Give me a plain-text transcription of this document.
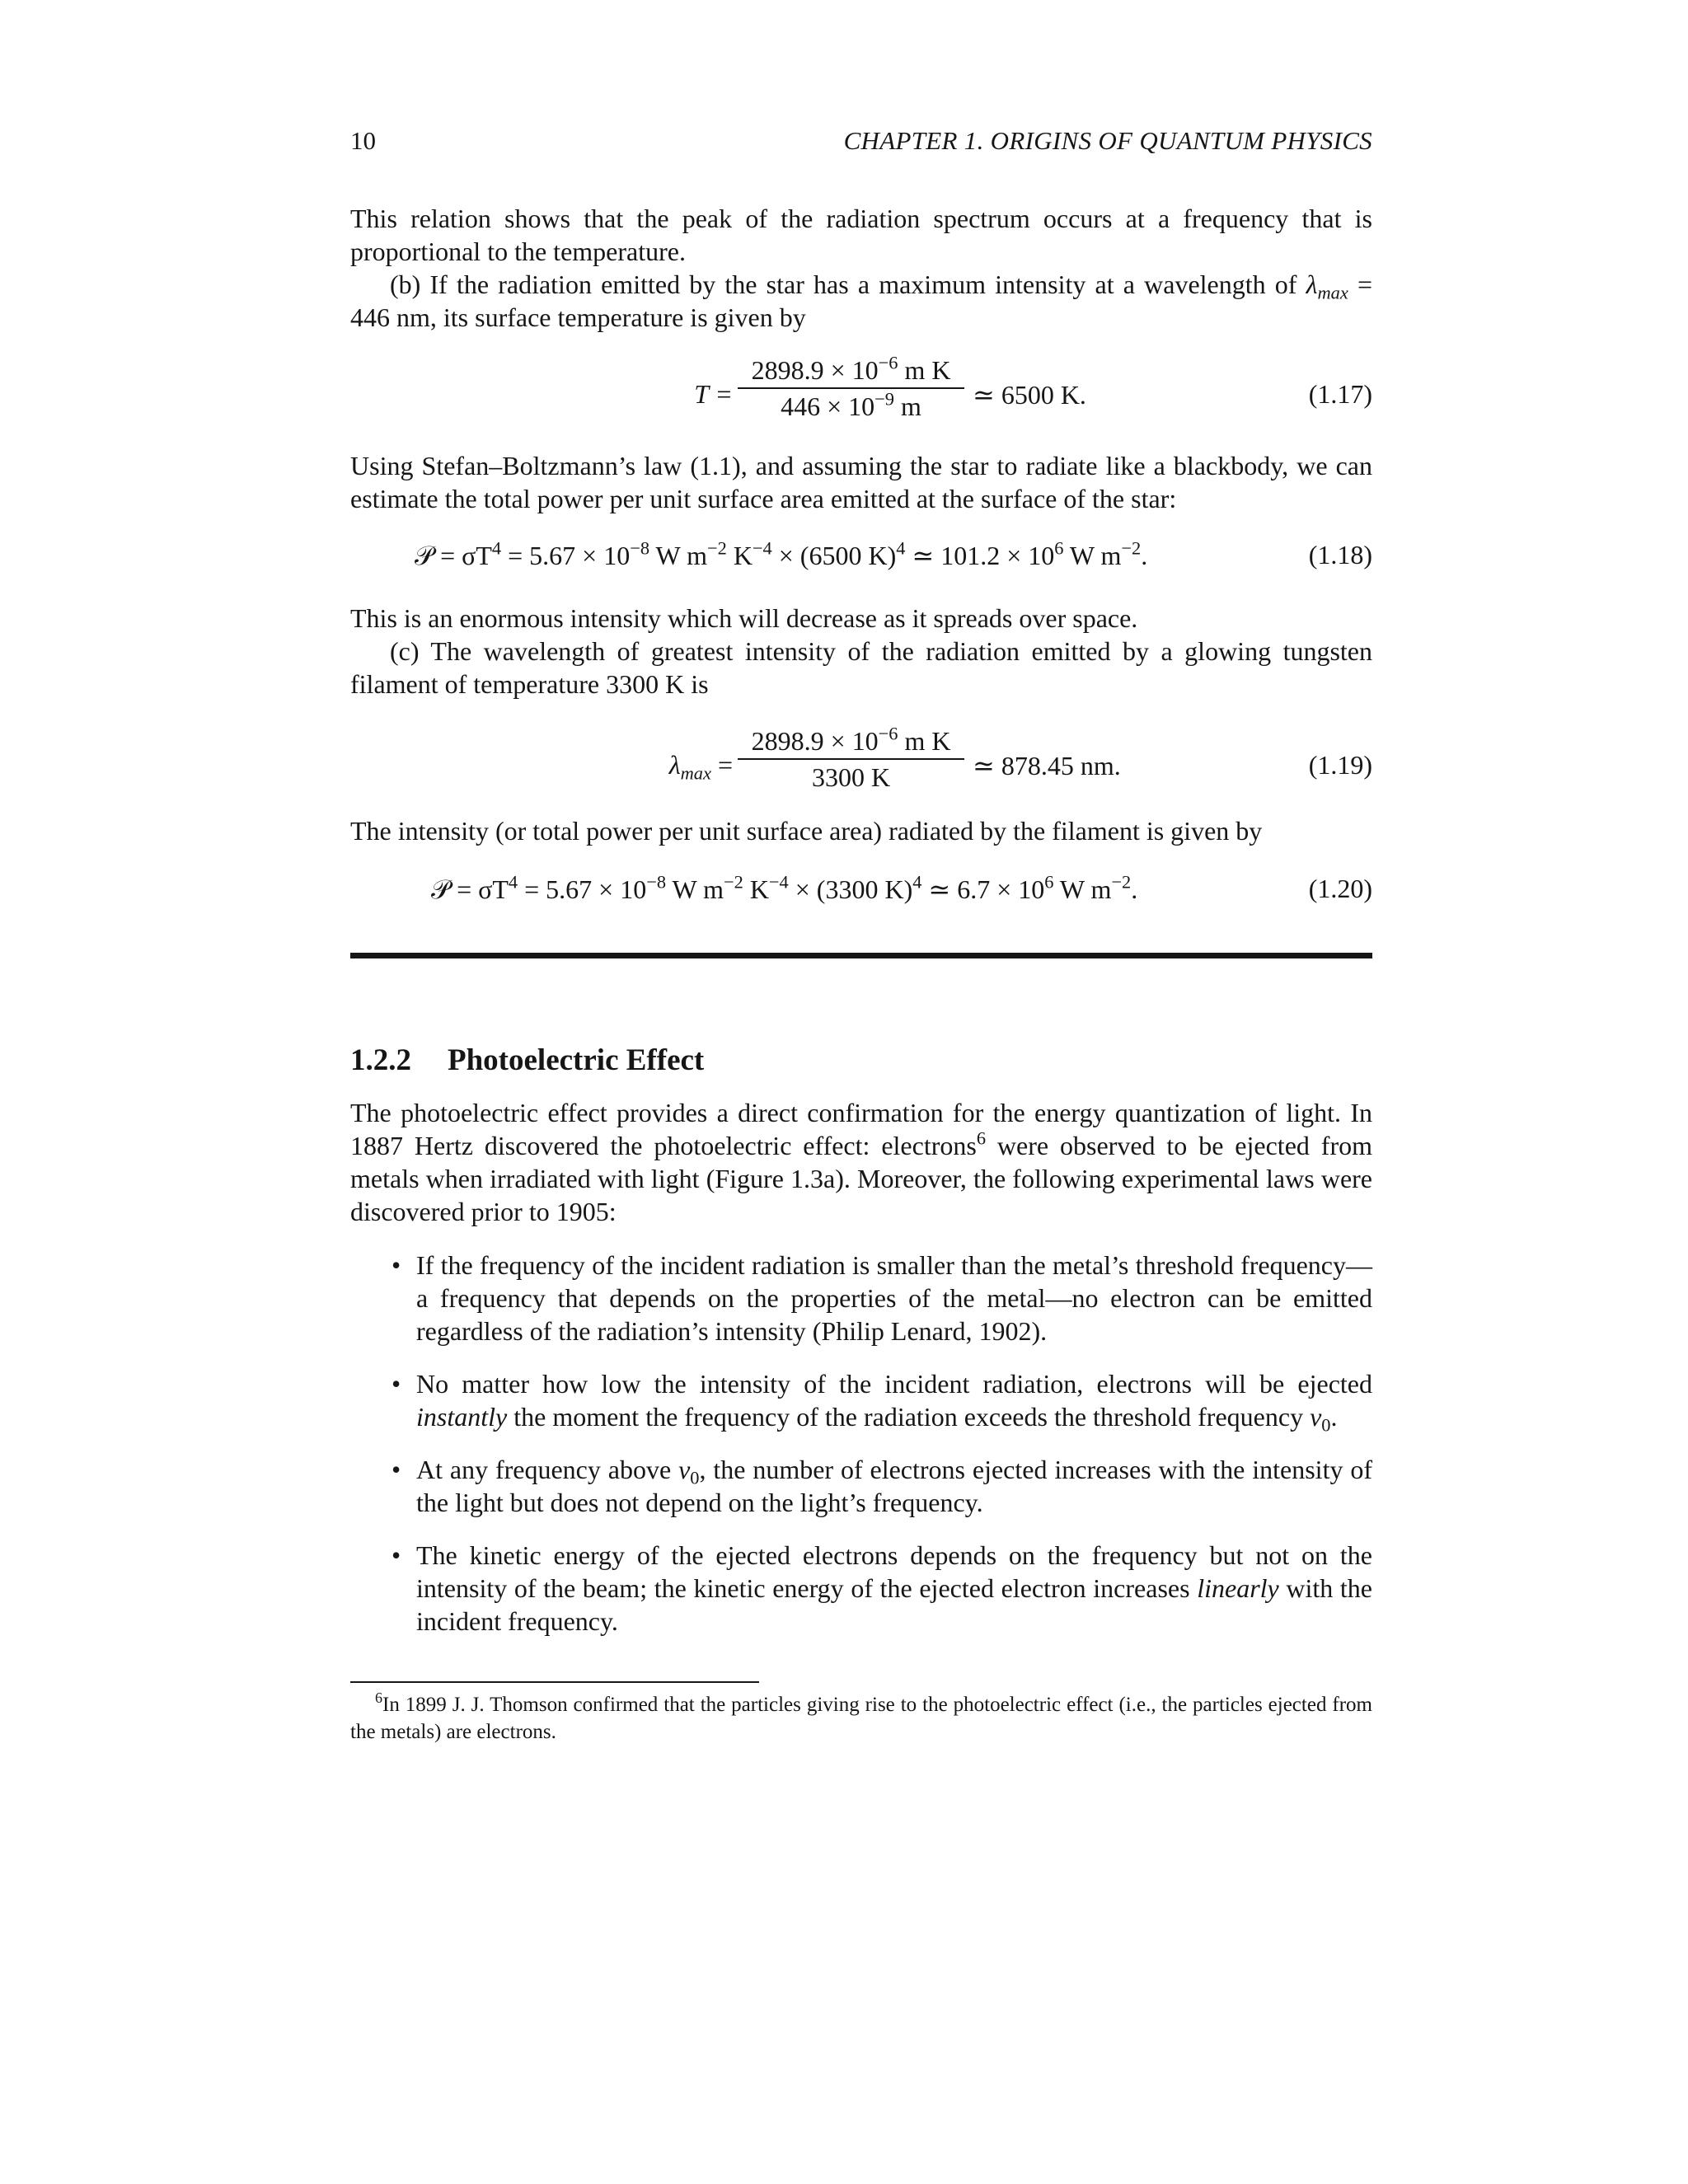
10	CHAPTER 1. ORIGINS OF QUANTUM PHYSICS

This relation shows that the peak of the radiation spectrum occurs at a frequency that is proportional to the temperature.

(b) If the radiation emitted by the star has a maximum intensity at a wavelength of $\lambda_{max} = 446$ nm, its surface temperature is given by

T =
$2898.9 \times 10^{-6}$ m K
$446 \times 10^{-9}$ m	≃ 6500 K.	(1.17)

Using Stefan–Boltzmann’s law (1.1), and assuming the star to radiate like a blackbody, we can estimate the total power per unit surface area emitted at the surface of the star:

𝒫 = $\sigma T^4 = 5.67 \times 10^{-8}$ W $m^{-2}$ $K^{-4} \times (6500$ K)$^4$ ≃ $101.2 \times 10^6$ W $m^{-2}$.	(1.18)

This is an enormous intensity which will decrease as it spreads over space.

(c) The wavelength of greatest intensity of the radiation emitted by a glowing tungsten filament of temperature 3300 K is

$\lambda_{max}$ =
$2898.9 \times 10^{-6}$ m K
3300 K	≃ 878.45 nm.	(1.19)

The intensity (or total power per unit surface area) radiated by the filament is given by

𝒫 = $\sigma T^4 = 5.67 \times 10^{-8}$ W $m^{-2}$ $K^{-4} \times (3300$ K)$^4$ ≃ $6.7 \times 10^6$ W $m^{-2}$.	(1.20)
1.2.2 Photoelectric Effect

The photoelectric effect provides a direct confirmation for the energy quantization of light. In 1887 Hertz discovered the photoelectric effect: electrons$^6$ were observed to be ejected from metals when irradiated with light (Figure 1.3a). Moreover, the following experimental laws were discovered prior to 1905:

• If the frequency of the incident radiation is smaller than the metal’s threshold frequency—a frequency that depends on the properties of the metal—no electron can be emitted regardless of the radiation’s intensity (Philip Lenard, 1902).
• No matter how low the intensity of the incident radiation, electrons will be ejected instantly the moment the frequency of the radiation exceeds the threshold frequency $\nu_0$.
• At any frequency above $\nu_0$, the number of electrons ejected increases with the intensity of the light but does not depend on the light’s frequency.
• The kinetic energy of the ejected electrons depends on the frequency but not on the intensity of the beam; the kinetic energy of the ejected electron increases linearly with the incident frequency.
$^6$In 1899 J. J. Thomson confirmed that the particles giving rise to the photoelectric effect (i.e., the particles ejected from the metals) are electrons.
